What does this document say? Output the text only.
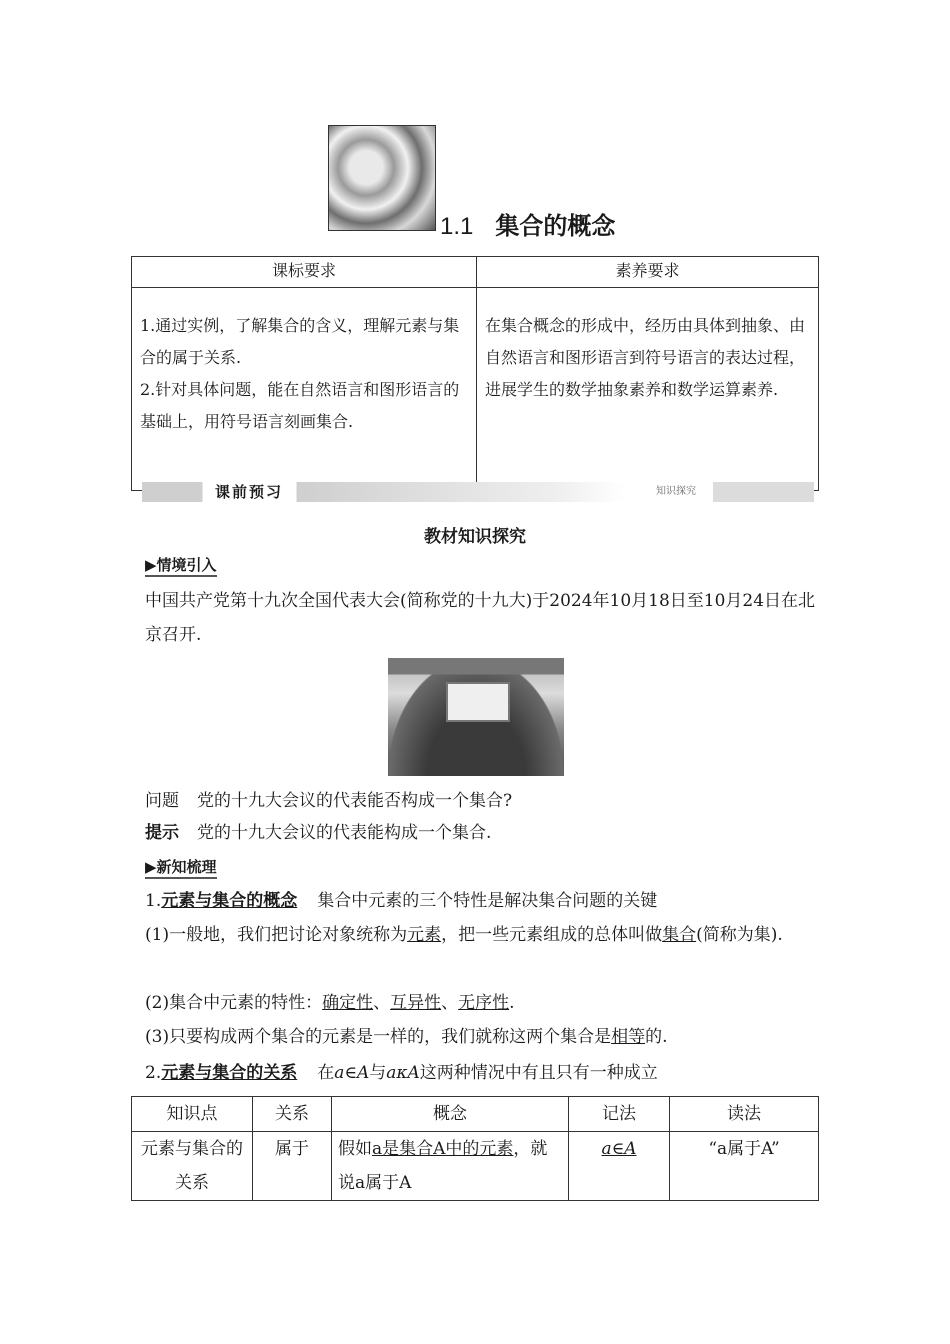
1.1 集合的概念
课标要求	素养要求

1.通过实例，了解集合的含义，理解元素与集合的属于关系.
2.针对具体问题，能在自然语言和图形语言的基础上，用符号语言刻画集合.	在集合概念的形成中，经历由具体到抽象、由自然语言和图形语言到符号语言的表达过程，进展学生的数学抽象素养和数学运算素养.
课前预习	知识探究
教材知识探究
▶情境引入
中国共产党第十九次全国代表大会(简称党的十九大)于2024年10月18日至10月24日在北京召开.
问题 党的十九大会议的代表能否构成一个集合?
提示 党的十九大会议的代表能构成一个集合.
▶新知梳理
1.元素与集合的概念 集合中元素的三个特性是解决集合问题的关键
(1)一般地，我们把讨论对象统称为元素，把一些元素组成的总体叫做集合(简称为集).
(2)集合中元素的特性：确定性、互异性、无序性.
(3)只要构成两个集合的元素是一样的，我们就称这两个集合是相等的.
2.元素与集合的关系 在a∈A与aκA这两种情况中有且只有一种成立
知识点	关系	概念	记法	读法
元素与集合的关系	属于	假如a是集合A中的元素，就说a属于A	a∈A	“a属于A”
